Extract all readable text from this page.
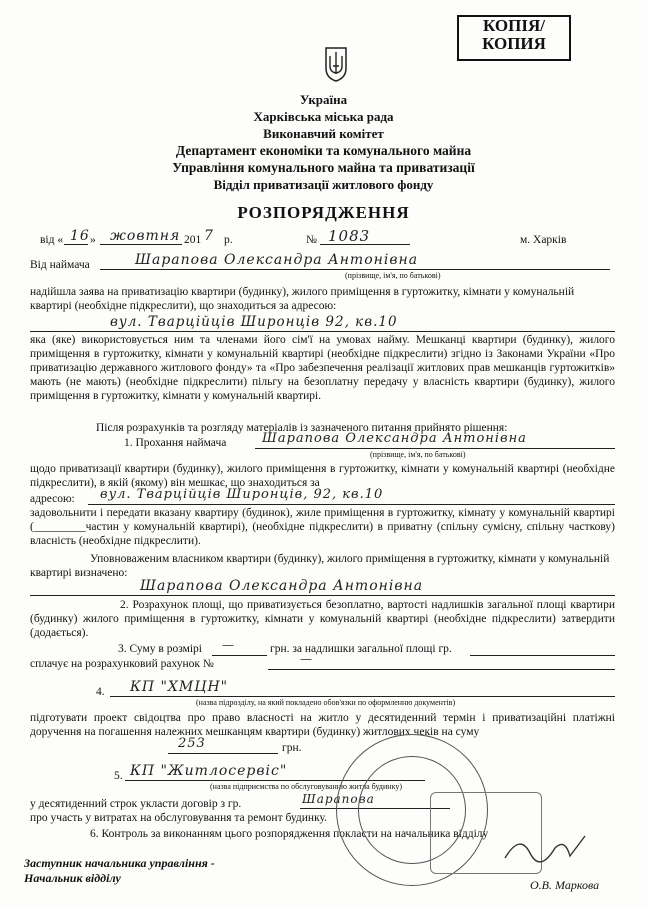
КОПІЯ/
КОПИЯ
Україна
Харківська міська рада
Виконавчий комітет
Департамент економіки та комунального майна
Управління комунального майна та приватизації
Відділ приватизації житлового фонду
РОЗПОРЯДЖЕННЯ
від « 16 » жовтня 201 7 р.	№ 1083	м. Харків
Від наймача	Шарапова Олександра Антонівна
(прізвище, ім'я, по батькові)
надійшла заява на приватизацію квартири (будинку), жилого приміщення в гуртожитку, кімнати у комунальній квартирі (необхідне підкреслити), що знаходиться за адресою:
вул. Тварційців Широнців 92, кв.10
яка (яке) використовується ним та членами його сім'ї на умовах найму. Мешканці квартири (будинку), жилого приміщення в гуртожитку, кімнати у комунальній квартирі (необхідне підкреслити) згідно із Законами України «Про приватизацію державного житлового фонду» та «Про забезпечення реалізації житлових прав мешканців гуртожитків» мають (не мають) (необхідне підкреслити) пільгу на безоплатну передачу у власність квартири (будинку), жилого приміщення в гуртожитку, кімнати у комунальній квартирі.
Після розрахунків та розгляду матеріалів із зазначеного питання прийнято рішення:
1. Прохання наймача	Шарапова Олександра Антонівна
(прізвище, ім'я, по батькові)
щодо приватизації квартири (будинку), жилого приміщення в гуртожитку, кімнати у комунальній квартирі (необхідне підкреслити), в якій (якому) він мешкає, що знаходиться за
адресою: вул. Тварційців Широнців, 92, кв.10
задовольнити і передати вказану квартиру (будинок), жиле приміщення в гуртожитку, кімнату у комунальній квартирі (_________частин у комунальній квартирі), (необхідне підкреслити) в приватну (спільну сумісну, спільну часткову) власність (необхідне підкреслити).
Уповноваженим власником квартири (будинку), жилого приміщення в гуртожитку, кімнати у комунальній квартирі визначено:
Шарапова Олександра Антонівна
2. Розрахунок площі, що приватизується безоплатно, вартості надлишків загальної площі квартири (будинку) жилого приміщення в гуртожитку, кімнати у комунальній квартирі (необхідне підкреслити) затвердити (додається).
3. Суму в розмірі —	грн. за надлишки загальної площі гр.
сплачує на розрахунковий рахунок №	—
4. КП "ХМЦН"
(назва підрозділу, на який покладено обов'язки по оформленню документів)
підготувати проект свідоцтва про право власності на житло у десятиденний термін і приватизаційні платіжні доручення на погашення належних мешканцям квартири (будинку) житлових чеків на суму
253	грн.
5. КП "Житлосервіс"
(назва підприємства по обслуговуванню житла будинку)
у десятиденний строк укласти договір з гр.	Шарапова
про участь у витратах на обслуговування та ремонт будинку.
6. Контроль за виконанням цього розпорядження покласти на начальника відділу
Заступник начальника управління -
Начальник відділу	О.В. Маркова
